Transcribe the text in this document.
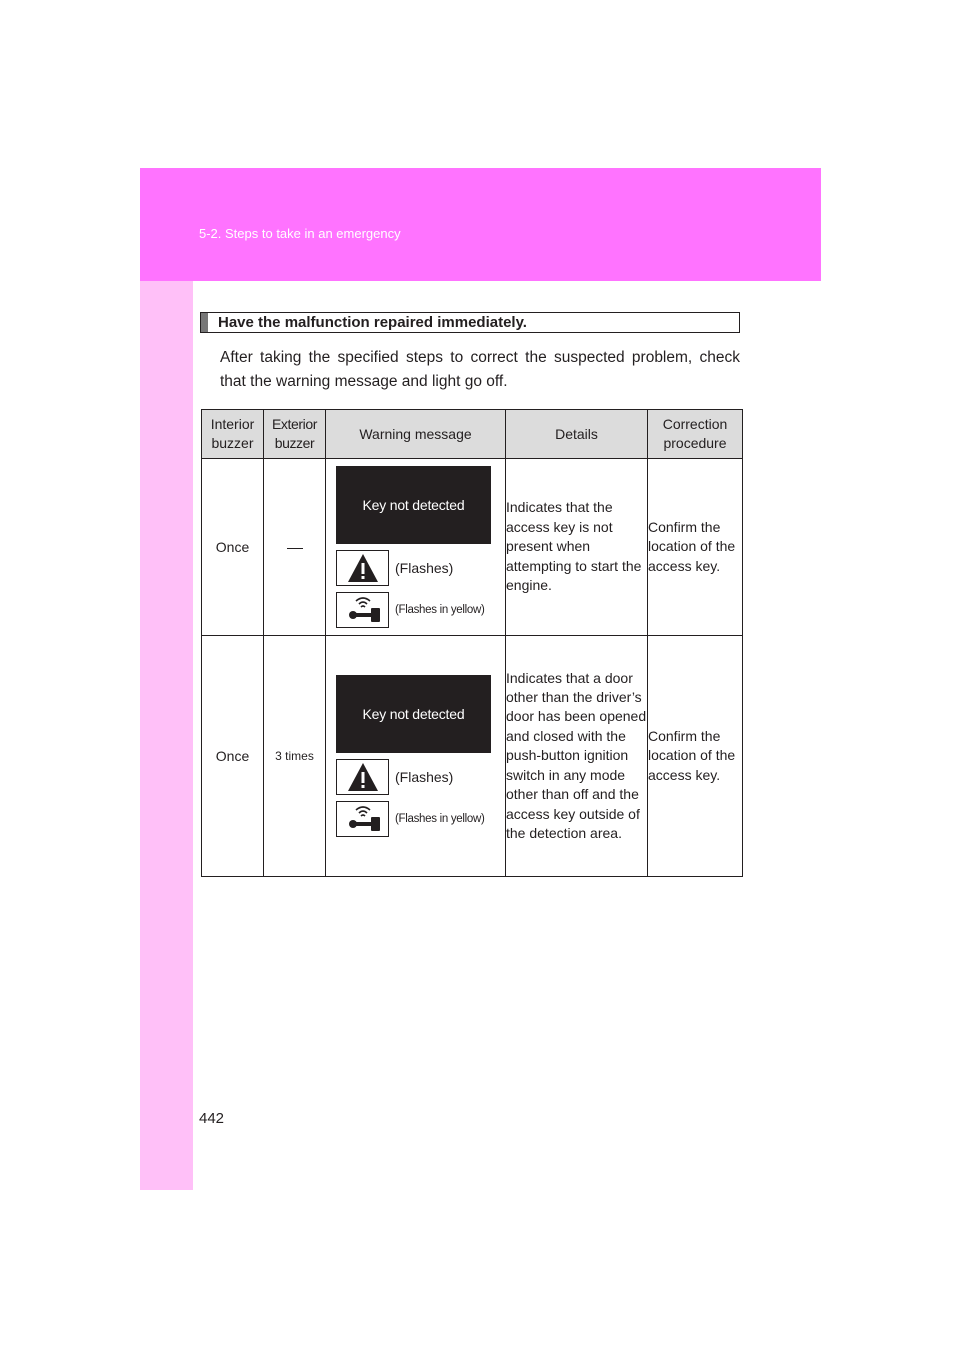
5-2. Steps to take in an emergency
Have the malfunction repaired immediately.
After taking the specified steps to correct the suspected problem, check that the warning message and light go off.
Interior buzzer	Exterior buzzer	Warning message	Details	Correction procedure
Once		Key not detected
(Flashes)
(Flashes in yellow)	Indicates that the access key is not present when attempting to start the engine.	Confirm the location of the access key.
Once	3 times	Key not detected
(Flashes)
(Flashes in yellow)	Indicates that a door other than the driver’s door has been opened and closed with the push-button ignition switch in any mode other than off and the access key outside of the detection area.	Confirm the location of the access key.
442
